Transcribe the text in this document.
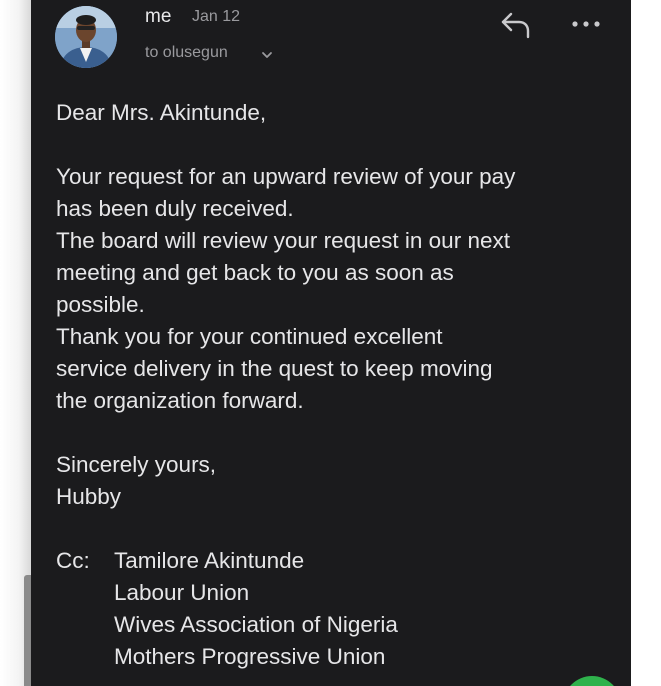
me Jan 12
to olusegun

Dear Mrs. Akintunde,

Your request for an upward review of your pay

has been duly received.

The board will review your request in our next

meeting and get back to you as soon as

possible.

Thank you for your continued excellent

service delivery in the quest to keep moving

the organization forward.

Sincerely yours,

Hubby

Cc:	Tamilore Akintunde

Labour Union

Wives Association of Nigeria

Mothers Progressive Union
